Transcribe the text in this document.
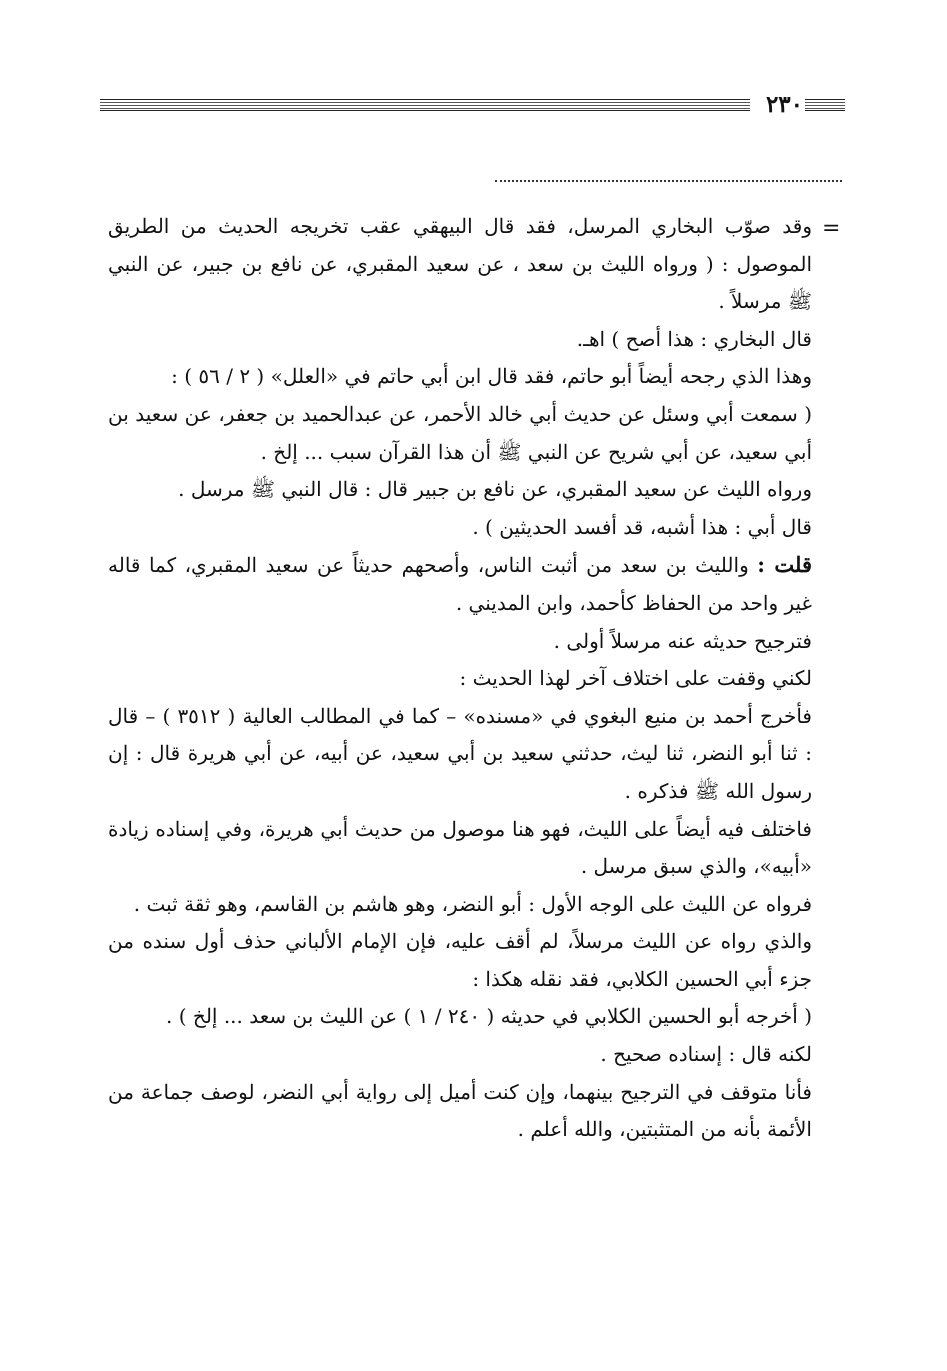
٢٣٠
=

وقد صوّب البخاري المرسل، فقد قال البيهقي عقب تخريجه الحديث من الطريق الموصول : ( ورواه الليث بن سعد ، عن سعيد المقبري، عن نافع بن جبير، عن النبي ﷺ مرسلاً .

قال البخاري : هذا أصح ) اهـ.

وهذا الذي رجحه أيضاً أبو حاتم، فقد قال ابن أبي حاتم في «العلل» ( ٢ / ٥٦ ) :

( سمعت أبي وسئل عن حديث أبي خالد الأحمر، عن عبدالحميد بن جعفر، عن سعيد بن أبي سعيد، عن أبي شريح عن النبي ﷺ أن هذا القرآن سبب ... إلخ .

ورواه الليث عن سعيد المقبري، عن نافع بن جبير قال : قال النبي ﷺ مرسل .

قال أبي : هذا أشبه، قد أفسد الحديثين ) .

قلت : والليث بن سعد من أثبت الناس، وأصحهم حديثاً عن سعيد المقبري، كما قاله غير واحد من الحفاظ كأحمد، وابن المديني .

فترجيح حديثه عنه مرسلاً أولى .

لكني وقفت على اختلاف آخر لهذا الحديث :

فأخرج أحمد بن منيع البغوي في «مسنده» – كما في المطالب العالية ( ٣٥١٢ ) – قال : ثنا أبو النضر، ثنا ليث، حدثني سعيد بن أبي سعيد، عن أبيه، عن أبي هريرة قال : إن رسول الله ﷺ فذكره .

فاختلف فيه أيضاً على الليث، فهو هنا موصول من حديث أبي هريرة، وفي إسناده زيادة «أبيه»، والذي سبق مرسل .

فرواه عن الليث على الوجه الأول : أبو النضر، وهو هاشم بن القاسم، وهو ثقة ثبت .

والذي رواه عن الليث مرسلاً، لم أقف عليه، فإن الإمام الألباني حذف أول سنده من جزء أبي الحسين الكلابي، فقد نقله هكذا :

( أخرجه أبو الحسين الكلابي في حديثه ( ٢٤٠ / ١ ) عن الليث بن سعد ... إلخ ) .

لكنه قال : إسناده صحيح .

فأنا متوقف في الترجيح بينهما، وإن كنت أميل إلى رواية أبي النضر، لوصف جماعة من الأئمة بأنه من المتثبتين، والله أعلم .
